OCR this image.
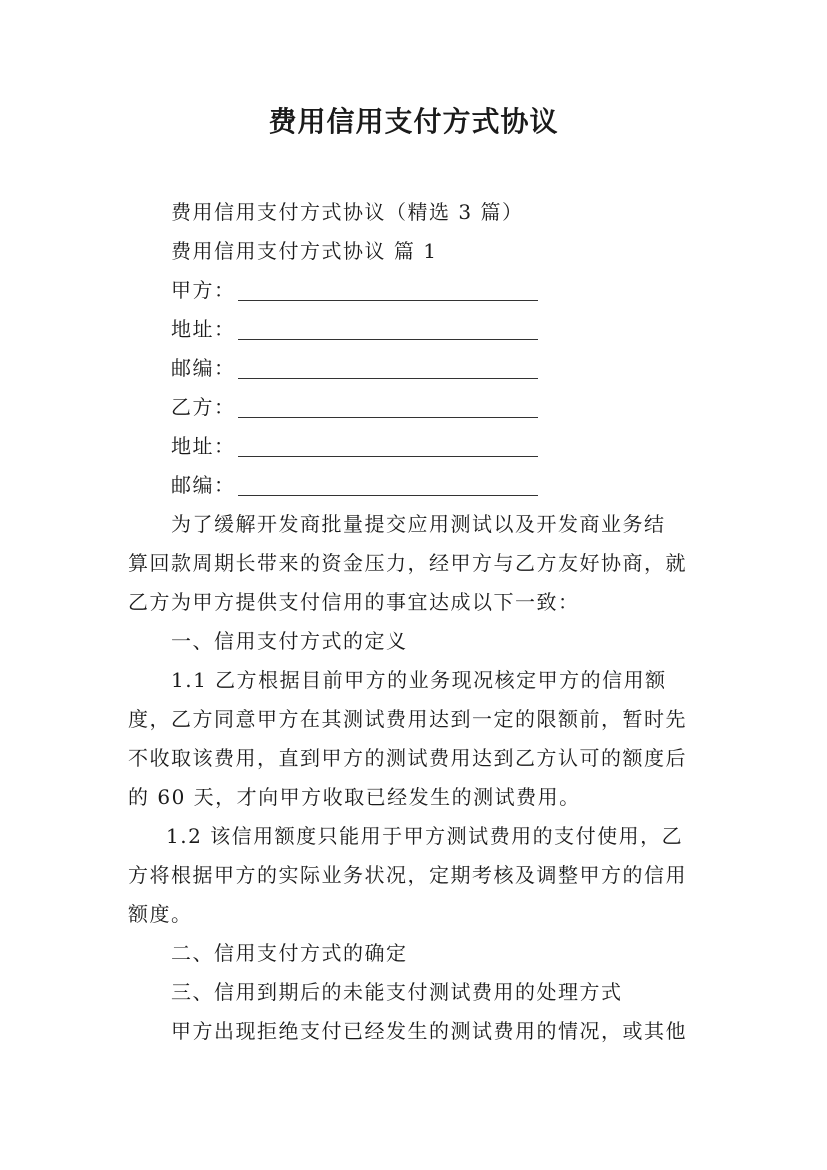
费用信用支付方式协议
费用信用支付方式协议（精选 3 篇）
费用信用支付方式协议 篇 1
甲方：
地址：
邮编：
乙方：
地址：
邮编：
为了缓解开发商批量提交应用测试以及开发商业务结
算回款周期长带来的资金压力，经甲方与乙方友好协商，就
乙方为甲方提供支付信用的事宜达成以下一致：
一、信用支付方式的定义
1.1 乙方根据目前甲方的业务现况核定甲方的信用额
度，乙方同意甲方在其测试费用达到一定的限额前，暂时先
不收取该费用，直到甲方的测试费用达到乙方认可的额度后
的 60 天，才向甲方收取已经发生的测试费用。
1.2 该信用额度只能用于甲方测试费用的支付使用，乙
方将根据甲方的实际业务状况，定期考核及调整甲方的信用
额度。
二、信用支付方式的确定
三、信用到期后的未能支付测试费用的处理方式
甲方出现拒绝支付已经发生的测试费用的情况，或其他
